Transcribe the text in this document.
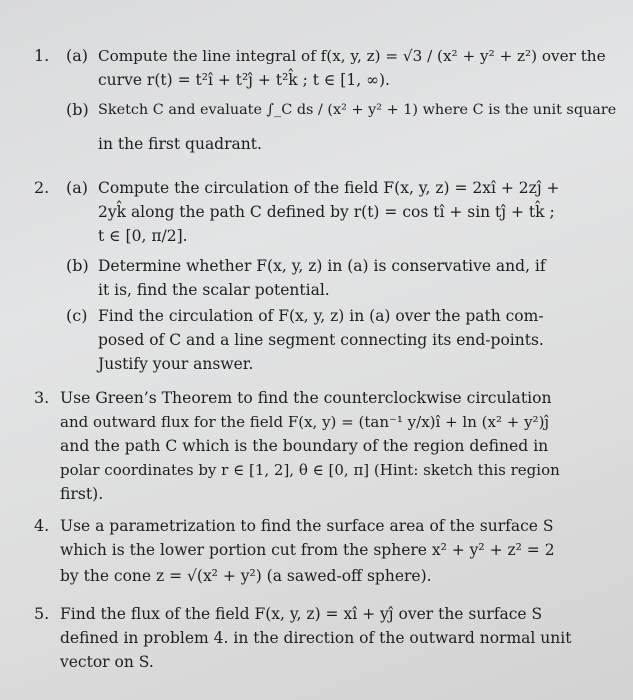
1. (a) Compute the line integral of f(x, y, z) = √3 / (x² + y² + z²) over the
curve r(t) = t²î + t²ĵ + t²k̂ ; t ∈ [1, ∞).
(b) Sketch C and evaluate ∫_C ds / (x² + y² + 1) where C is the unit square
in the first quadrant.
2. (a) Compute the circulation of the field F(x, y, z) = 2xî + 2zĵ +
2yk̂ along the path C defined by r(t) = cos tî + sin tĵ + tk̂ ;
t ∈ [0, π/2].
(b) Determine whether F(x, y, z) in (a) is conservative and, if
it is, find the scalar potential.
(c) Find the circulation of F(x, y, z) in (a) over the path com-
posed of C and a line segment connecting its end-points.
Justify your answer.
3. Use Green’s Theorem to find the counterclockwise circulation
and outward flux for the field F(x, y) = (tan⁻¹ y/x)î + ln (x² + y²)ĵ
and the path C which is the boundary of the region defined in
polar coordinates by r ∈ [1, 2], θ ∈ [0, π] (Hint: sketch this region
first).
4. Use a parametrization to find the surface area of the surface S
which is the lower portion cut from the sphere x² + y² + z² = 2
by the cone z = √(x² + y²) (a sawed-off sphere).
5. Find the flux of the field F(x, y, z) = xî + yĵ over the surface S
defined in problem 4. in the direction of the outward normal unit
vector on S.
